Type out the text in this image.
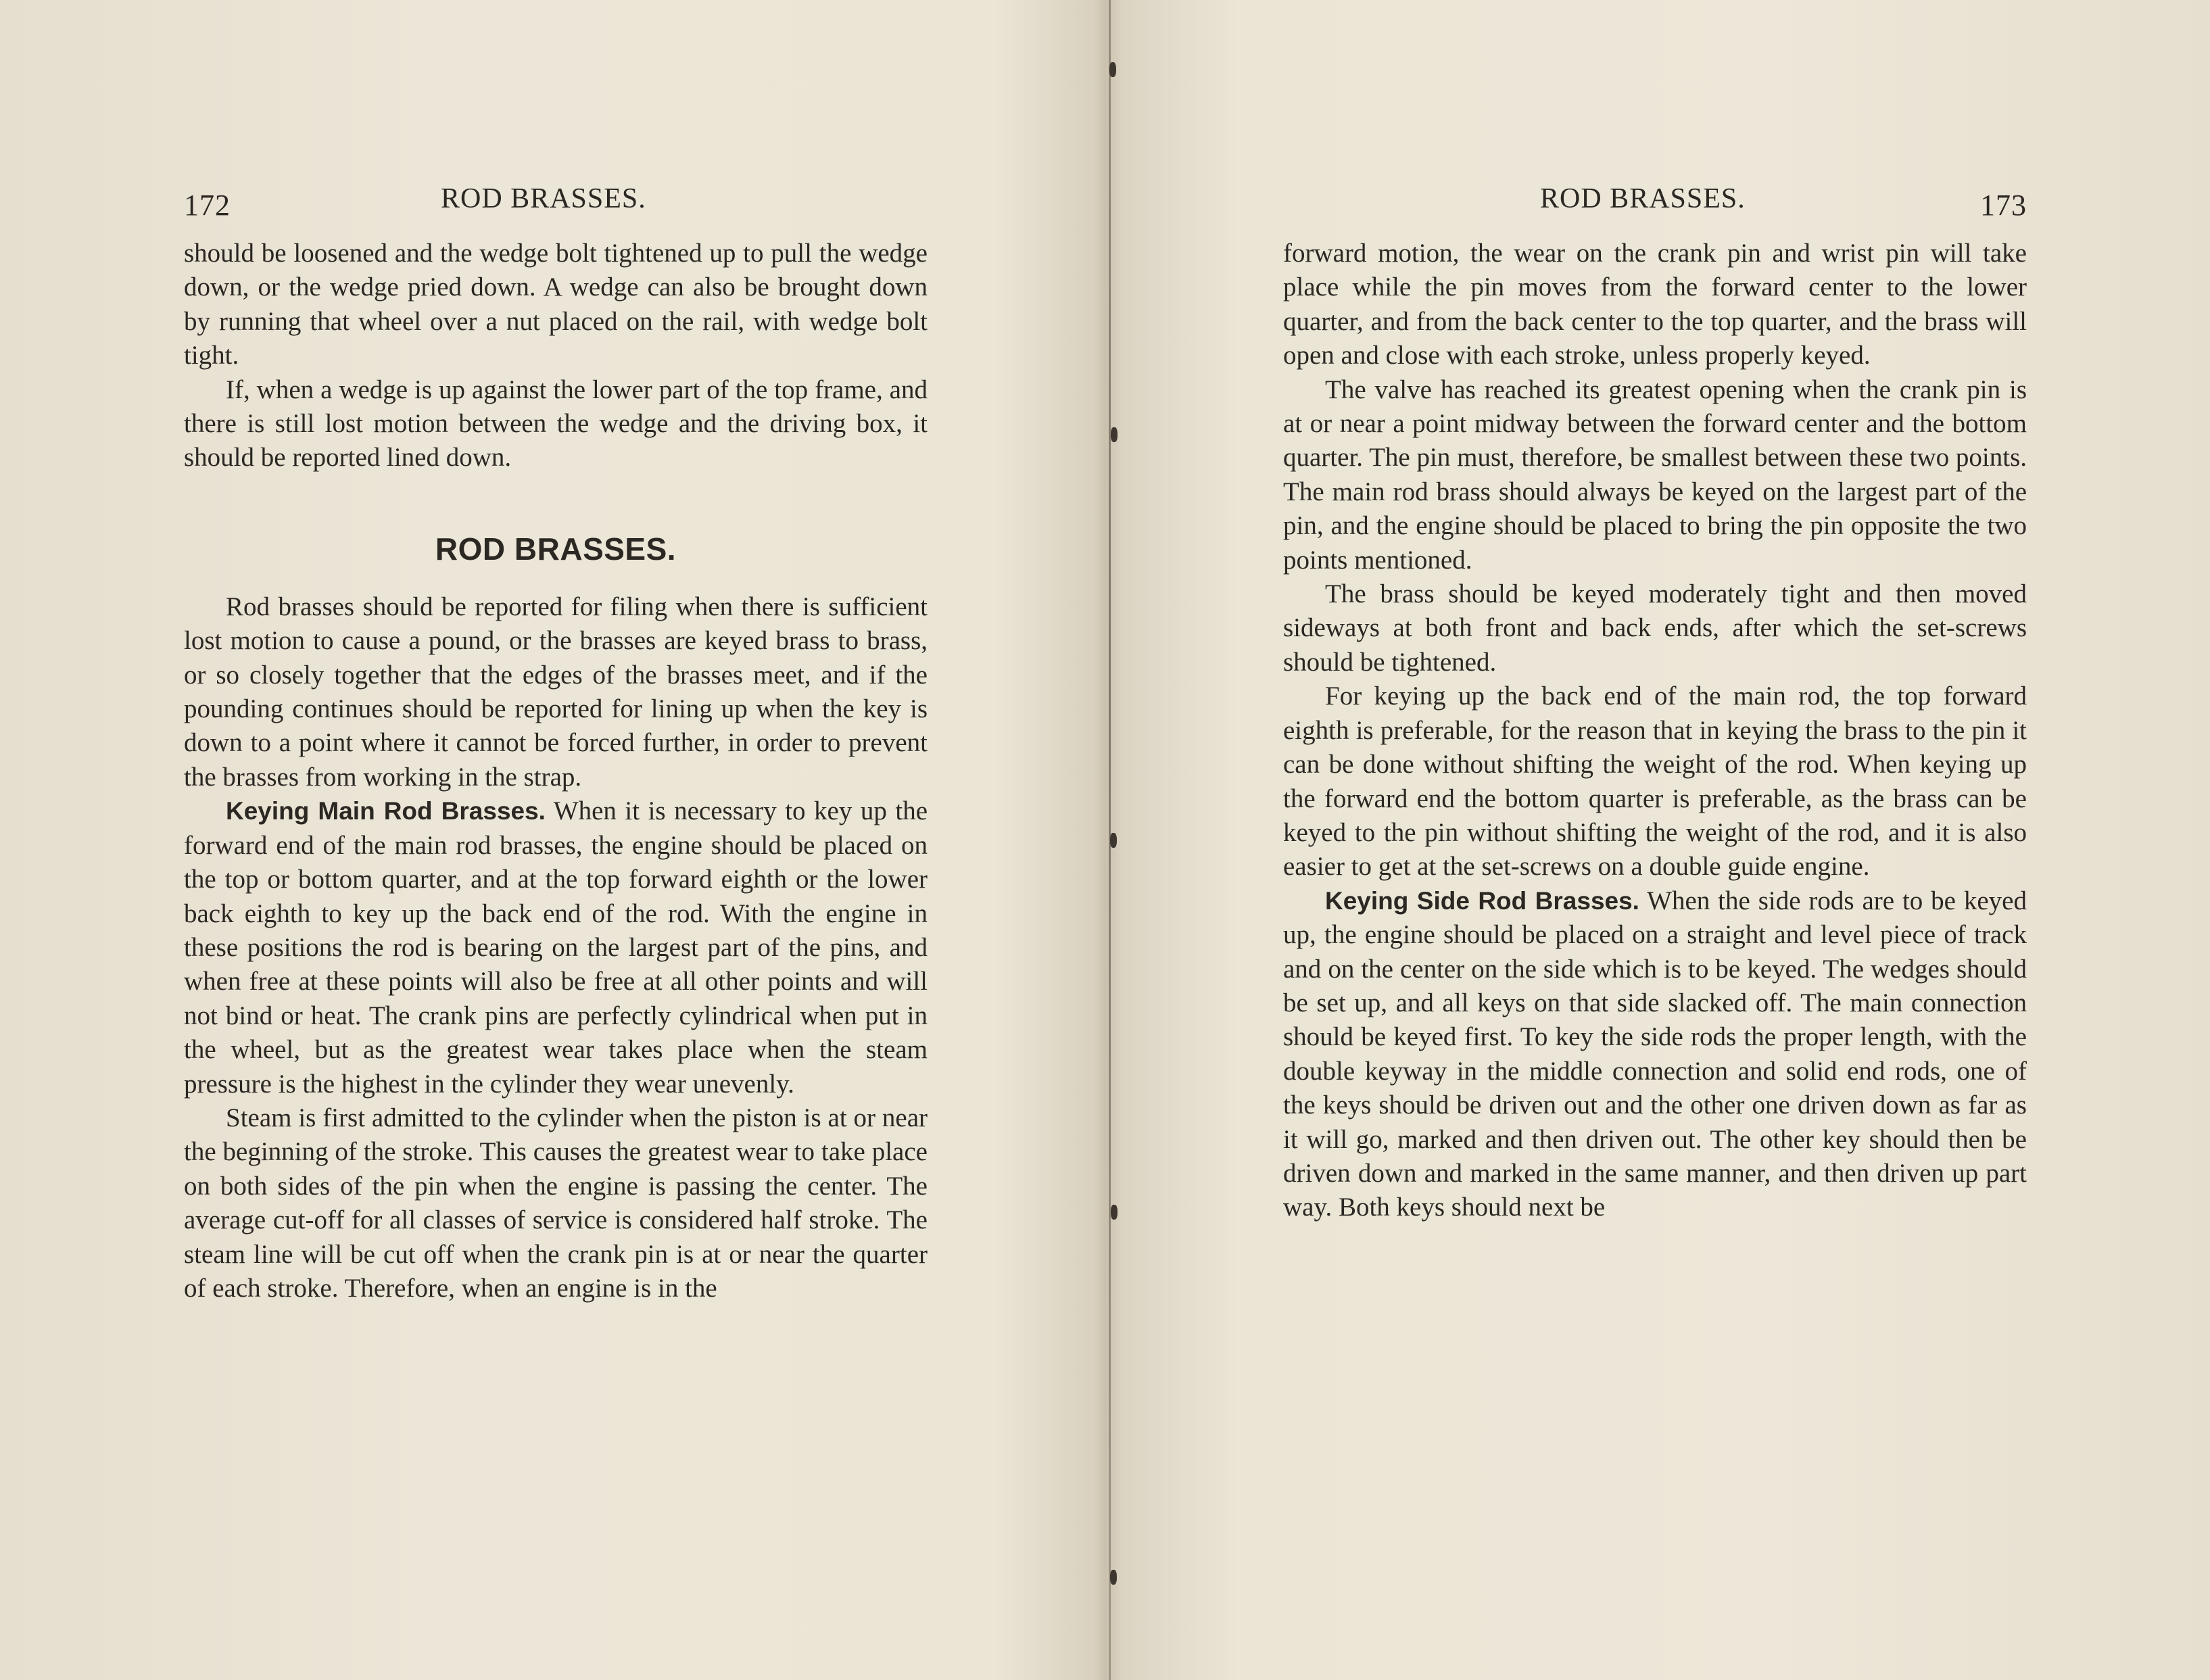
172	ROD BRASSES.

should be loosened and the wedge bolt tightened up to pull the wedge down, or the wedge pried down. A wedge can also be brought down by running that wheel over a nut placed on the rail, with wedge bolt tight.

If, when a wedge is up against the lower part of the top frame, and there is still lost motion between the wedge and the driving box, it should be reported lined down.

ROD BRASSES.

Rod brasses should be reported for filing when there is sufficient lost motion to cause a pound, or the brasses are keyed brass to brass, or so closely together that the edges of the brasses meet, and if the pounding continues should be reported for lining up when the key is down to a point where it cannot be forced further, in order to prevent the brasses from working in the strap.

Keying Main Rod Brasses. When it is necessary to key up the forward end of the main rod brasses, the engine should be placed on the top or bottom quarter, and at the top forward eighth or the lower back eighth to key up the back end of the rod. With the engine in these positions the rod is bearing on the largest part of the pins, and when free at these points will also be free at all other points and will not bind or heat. The crank pins are perfectly cylindrical when put in the wheel, but as the greatest wear takes place when the steam pressure is the highest in the cylinder they wear unevenly.

Steam is first admitted to the cylinder when the piston is at or near the beginning of the stroke. This causes the greatest wear to take place on both sides of the pin when the engine is passing the center. The average cut-off for all classes of service is considered half stroke. The steam line will be cut off when the crank pin is at or near the quarter of each stroke. Therefore, when an engine is in the

ROD BRASSES.	173

forward motion, the wear on the crank pin and wrist pin will take place while the pin moves from the forward center to the lower quarter, and from the back center to the top quarter, and the brass will open and close with each stroke, unless properly keyed.

The valve has reached its greatest opening when the crank pin is at or near a point midway between the forward center and the bottom quarter. The pin must, therefore, be smallest between these two points. The main rod brass should always be keyed on the largest part of the pin, and the engine should be placed to bring the pin opposite the two points mentioned.

The brass should be keyed moderately tight and then moved sideways at both front and back ends, after which the set-screws should be tightened.

For keying up the back end of the main rod, the top forward eighth is preferable, for the reason that in keying the brass to the pin it can be done without shifting the weight of the rod. When keying up the forward end the bottom quarter is preferable, as the brass can be keyed to the pin without shifting the weight of the rod, and it is also easier to get at the set-screws on a double guide engine.

Keying Side Rod Brasses. When the side rods are to be keyed up, the engine should be placed on a straight and level piece of track and on the center on the side which is to be keyed. The wedges should be set up, and all keys on that side slacked off. The main connection should be keyed first. To key the side rods the proper length, with the double keyway in the middle connection and solid end rods, one of the keys should be driven out and the other one driven down as far as it will go, marked and then driven out. The other key should then be driven down and marked in the same manner, and then driven up part way. Both keys should next be
